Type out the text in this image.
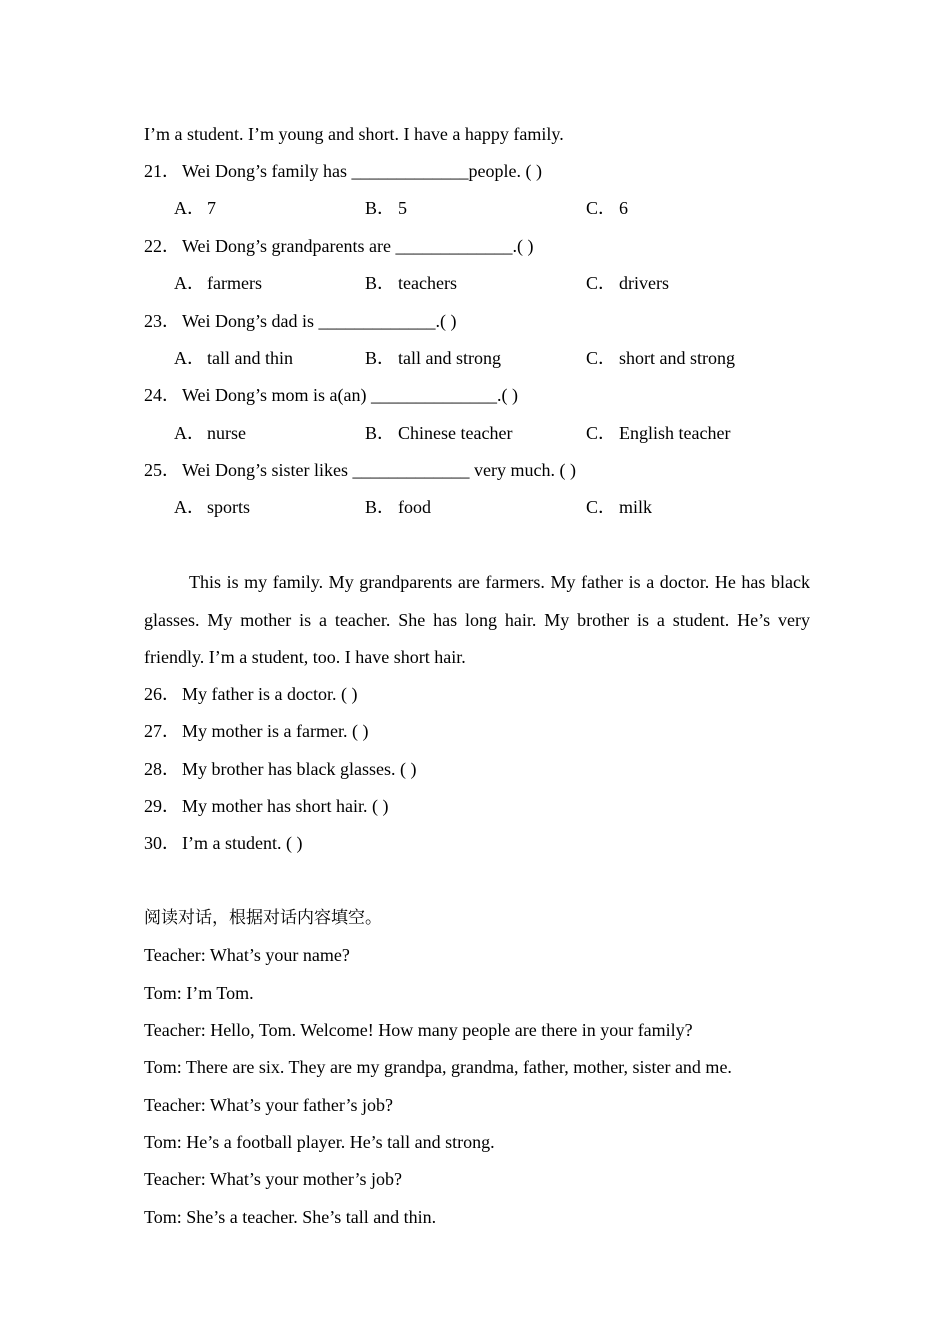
I’m a student. I’m young and short. I have a happy family.
21． Wei Dong’s family has _____________people. ( )
A． 7	B． 5	C． 6
22． Wei Dong’s grandparents are _____________.( )
A． farmers	B． teachers	C． drivers
23． Wei Dong’s dad is _____________.( )
A． tall and thin	B． tall and strong	C． short and strong
24． Wei Dong’s mom is a(an) ______________.( )
A． nurse	B． Chinese teacher	C． English teacher
25． Wei Dong’s sister likes _____________ very much. ( )
A． sports	B． food	C． milk
This is my family. My grandparents are farmers. My father is a doctor. He has black glasses. My mother is a teacher. She has long hair. My brother is a student. He’s very friendly. I’m a student, too. I have short hair.
26． My father is a doctor. ( )
27． My mother is a farmer. ( )
28． My brother has black glasses. ( )
29． My mother has short hair. ( )
30． I’m a student. ( )
阅读对话，根据对话内容填空。
Teacher: What’s your name?
Tom: I’m Tom.
Teacher: Hello, Tom. Welcome! How many people are there in your family?
Tom: There are six. They are my grandpa, grandma, father, mother, sister and me.
Teacher: What’s your father’s job?
Tom: He’s a football player. He’s tall and strong.
Teacher: What’s your mother’s job?
Tom: She’s a teacher. She’s tall and thin.
